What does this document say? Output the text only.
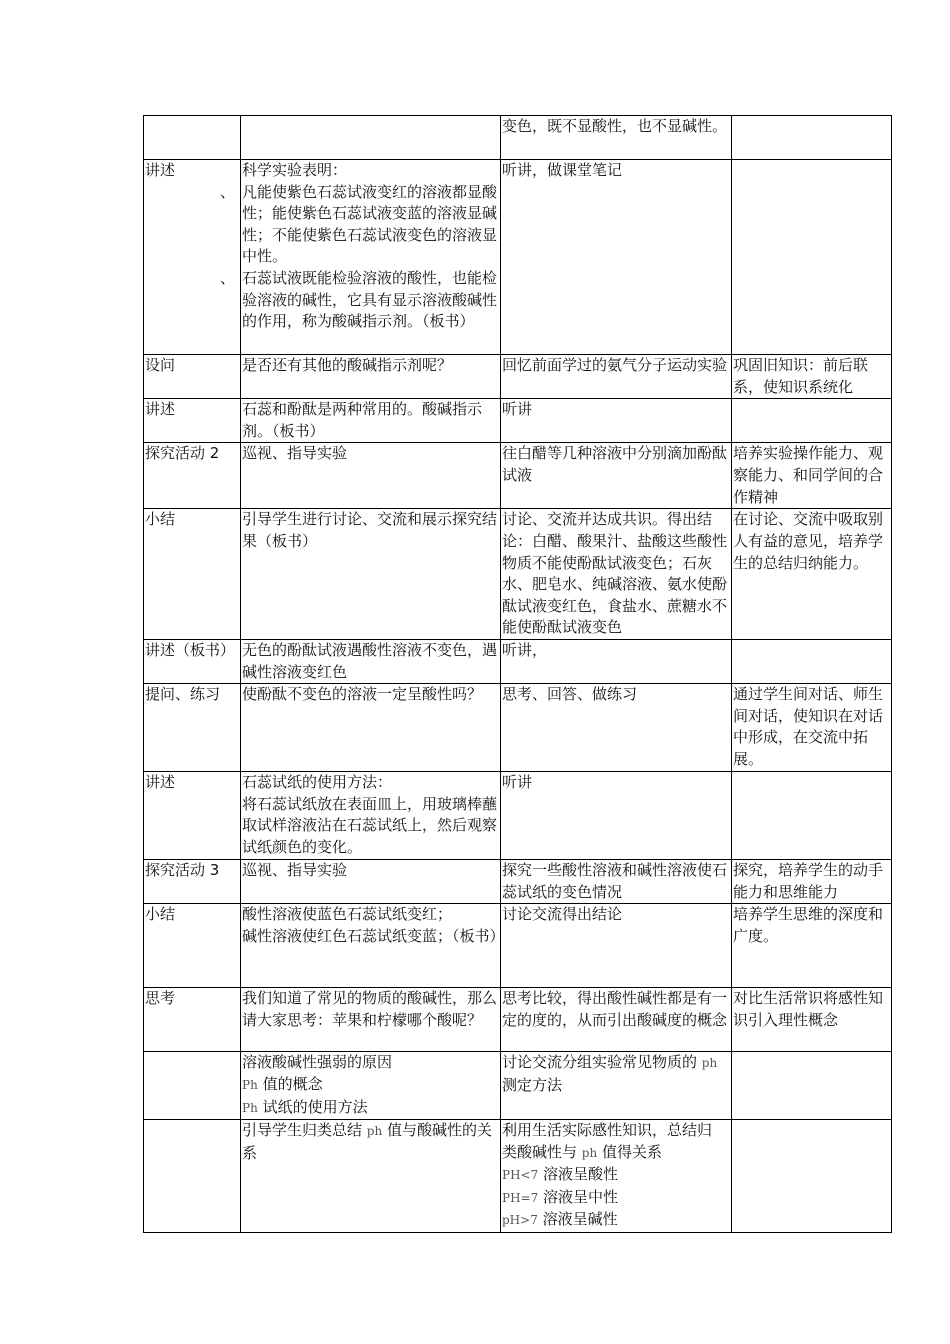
		变色，既不显酸性，也不显碱性。	

讲述	科学实验表明：
、 凡能使紫色石蕊试液变红的溶液都显酸性；能使紫色石蕊试液变蓝的溶液显碱性；不能使紫色石蕊试液变色的溶液显中性。
、 石蕊试液既能检验溶液的酸性，也能检验溶液的碱性，它具有显示溶液酸碱性的作用，称为酸碱指示剂。（板书）	听讲，做课堂笔记	

设问	是否还有其他的酸碱指示剂呢？	回忆前面学过的氨气分子运动实验	巩固旧知识：前后联系，使知识系统化

讲述	石蕊和酚酞是两种常用的。酸碱指示剂。（板书）	听讲	

探究活动 2	巡视、指导实验	往白醋等几种溶液中分别滴加酚酞试液	培养实验操作能力、观察能力、和同学间的合作精神

小结	引导学生进行讨论、交流和展示探究结果（板书）	讨论、交流并达成共识。得出结论：白醋、酸果汁、盐酸这些酸性物质不能使酚酞试液变色；石灰水、肥皂水、纯碱溶液、氨水使酚酞试液变红色，食盐水、蔗糖水不能使酚酞试液变色	在讨论、交流中吸取别人有益的意见，培养学生的总结归纳能力。

讲述（板书）	无色的酚酞试液遇酸性溶液不变色，遇碱性溶液变红色	听讲，	

提问、练习	使酚酞不变色的溶液一定呈酸性吗？	思考、回答、做练习	通过学生间对话、师生间对话，使知识在对话中形成，在交流中拓展。

讲述	石蕊试纸的使用方法：
将石蕊试纸放在表面皿上，用玻璃棒蘸取试样溶液沾在石蕊试纸上，然后观察试纸颜色的变化。	听讲	

探究活动 3	巡视、指导实验	探究一些酸性溶液和碱性溶液使石蕊试纸的变色情况	探究，培养学生的动手能力和思维能力

小结	酸性溶液使蓝色石蕊试纸变红；
碱性溶液使红色石蕊试纸变蓝；（板书）	讨论交流得出结论	培养学生思维的深度和广度。

思考	我们知道了常见的物质的酸碱性，那么请大家思考：苹果和柠檬哪个酸呢？	思考比较，得出酸性碱性都是有一定的度的，从而引出酸碱度的概念	对比生活常识将感性知识引入理性概念

	溶液酸碱性强弱的原因
Ph 值的概念
Ph 试纸的使用方法	讨论交流分组实验常见物质的 ph
测定方法	

	引导学生归类总结 ph 值与酸碱性的关系	利用生活实际感性知识，总结归
类酸碱性与 ph 值得关系
PH<7 溶液呈酸性
PH=7 溶液呈中性
pH>7 溶液呈碱性	
